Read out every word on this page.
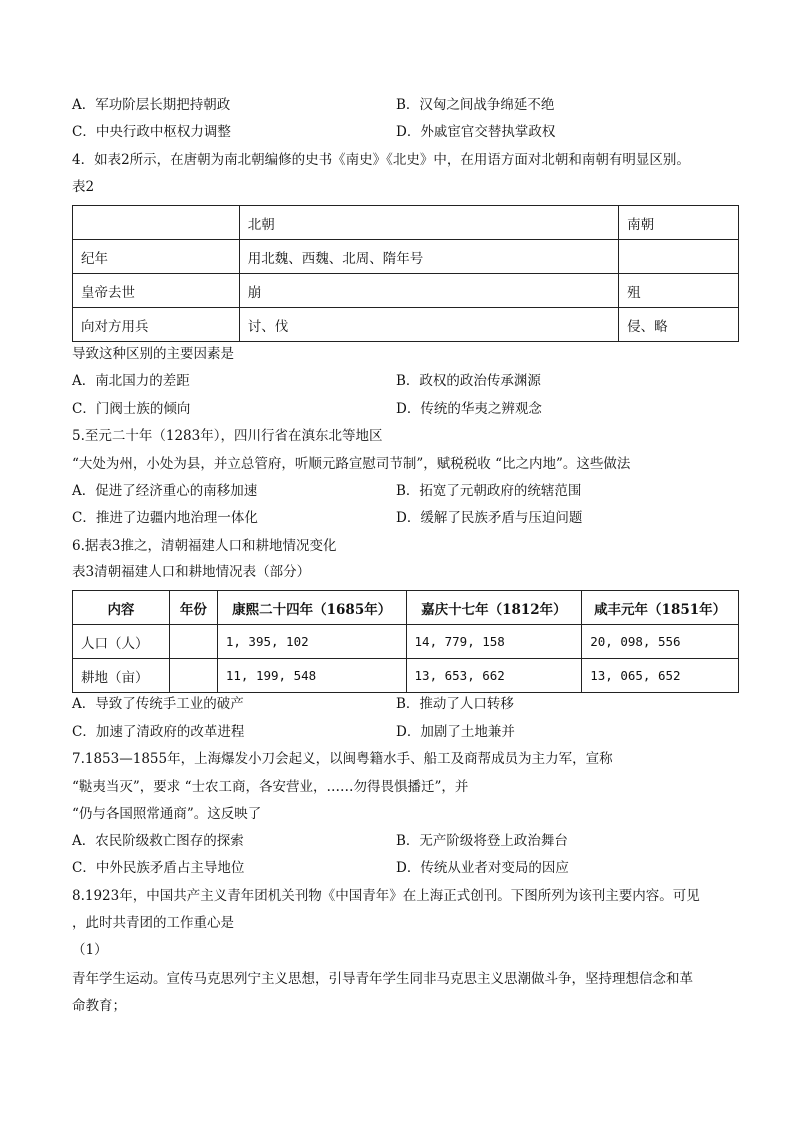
A．军功阶层长期把持朝政	B．汉匈之间战争绵延不绝
C．中央行政中枢权力调整	D．外戚宦官交替执掌政权
4．如表2所示，在唐朝为南北朝编修的史书《南史》《北史》中，在用语方面对北朝和南朝有明显区别。
表2
	北朝	南朝
纪年	用北魏、西魏、北周、隋年号	
皇帝去世	崩	殂
向对方用兵	讨、伐	侵、略
导致这种区别的主要因素是
A．南北国力的差距	B．政权的政治传承渊源
C．门阀士族的倾向	D．传统的华夷之辨观念
5.至元二十年（1283年），四川行省在滇东北等地区
“大处为州，小处为县，并立总管府，听顺元路宣慰司节制”，赋税税收 “比之内地”。这些做法
A．促进了经济重心的南移加速	B．拓宽了元朝政府的统辖范围
C．推进了边疆内地治理一体化	D．缓解了民族矛盾与压迫问题
6.据表3推之，清朝福建人口和耕地情况变化
表3清朝福建人口和耕地情况表（部分）
内容	年份	康熙二十四年（1685年）	嘉庆十七年（1812年）	咸丰元年（1851年）
人口（人）		1, 395, 102	14, 779, 158	20, 098, 556
耕地（亩）		11, 199, 548	13, 653, 662	13, 065, 652
A．导致了传统手工业的破产	B．推动了人口转移
C．加速了清政府的改革进程	D．加剧了土地兼并
7.1853—1855年，上海爆发小刀会起义，以闽粤籍水手、船工及商帮成员为主力军，宣称
“鞑夷当灭”，要求 “士农工商，各安营业，……勿得畏惧播迁”，并
“仍与各国照常通商”。这反映了
A．农民阶级救亡图存的探索	B．无产阶级将登上政治舞台
C．中外民族矛盾占主导地位	D．传统从业者对变局的因应
8.1923年，中国共产主义青年团机关刊物《中国青年》在上海正式创刊。下图所列为该刊主要内容。可见
，此时共青团的工作重心是
（1）
青年学生运动。宣传马克思列宁主义思想，引导青年学生同非马克思主义思潮做斗争，坚持理想信念和革
命教育；
